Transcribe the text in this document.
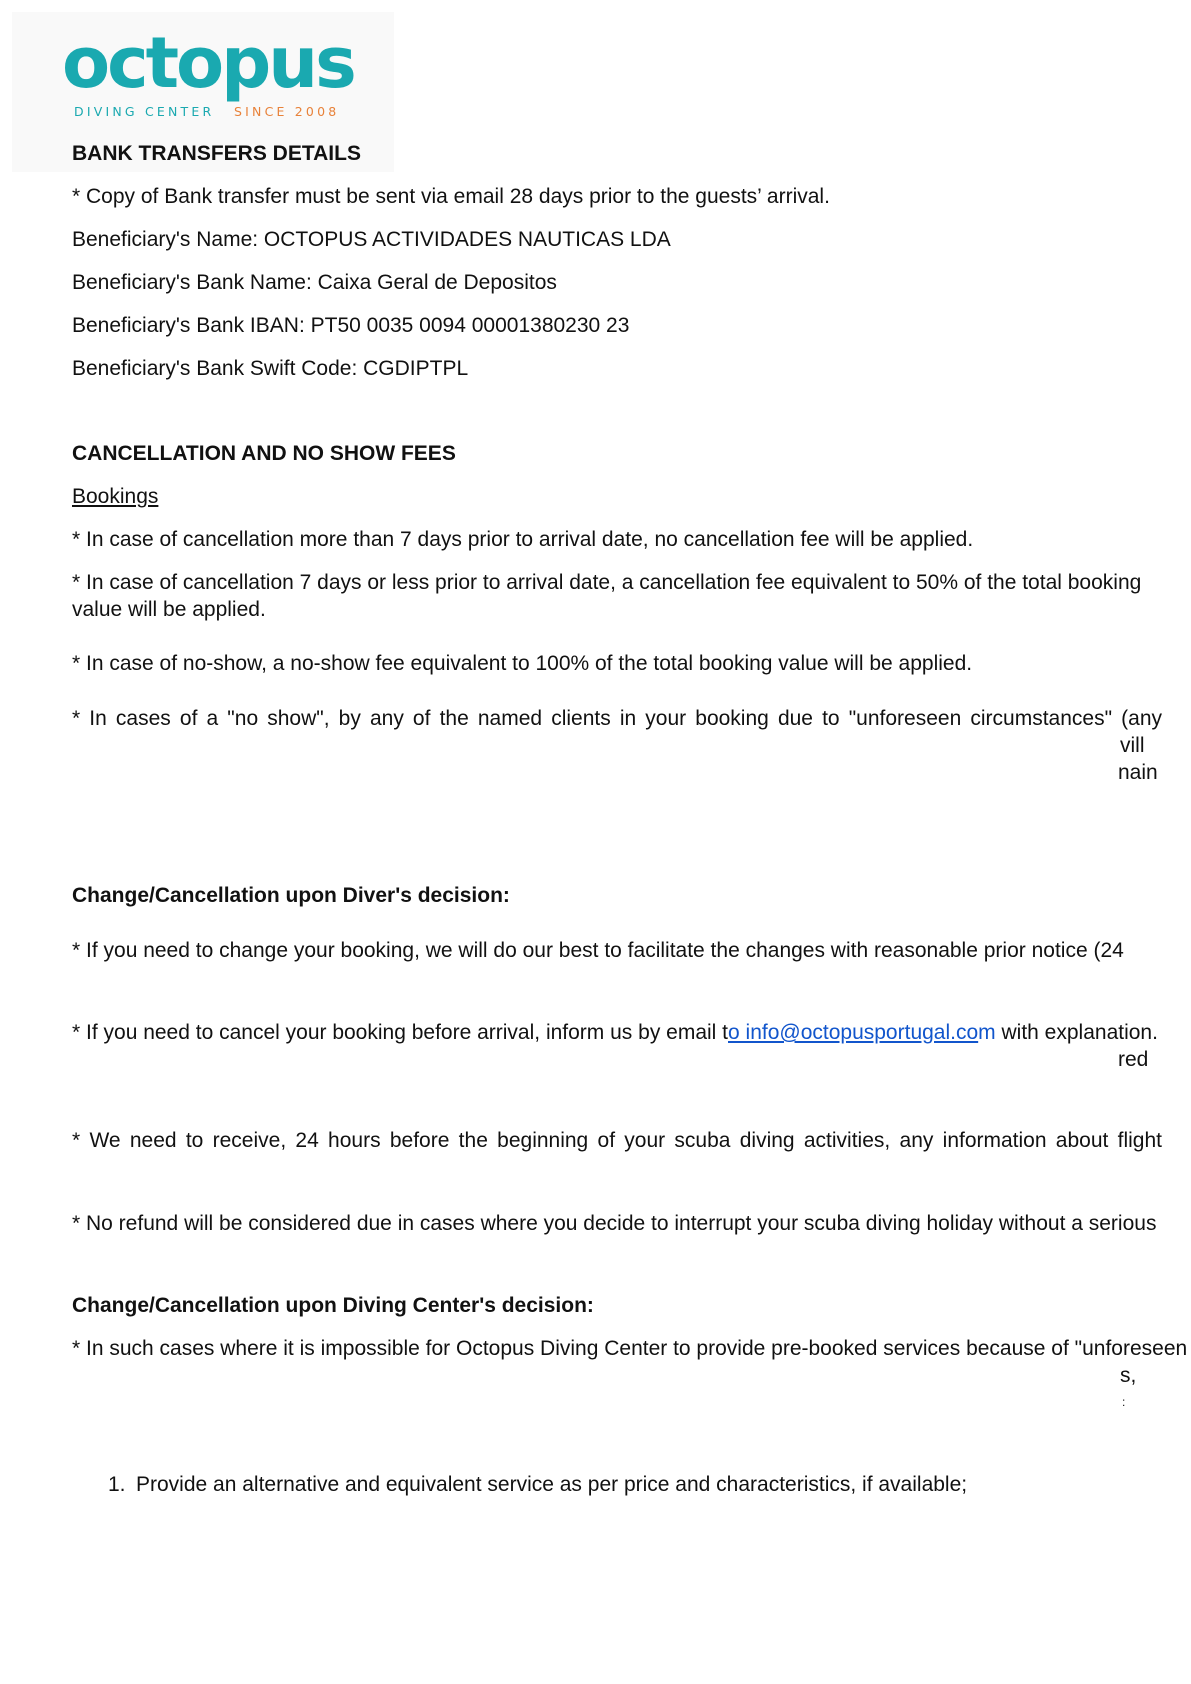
octopus
DIVING CENTER SINCE 2008
BANK TRANSFERS DETAILS
* Copy of Bank transfer must be sent via email 28 days prior to the guests’ arrival.
Beneficiary's Name: OCTOPUS ACTIVIDADES NAUTICAS LDA
Beneficiary's Bank Name: Caixa Geral de Depositos
Beneficiary's Bank IBAN: PT50 0035 0094 00001380230 23
Beneficiary's Bank Swift Code: CGDIPTPL
CANCELLATION AND NO SHOW FEES
Bookings
* In case of cancellation more than 7 days prior to arrival date, no cancellation fee will be applied.
* In case of cancellation 7 days or less prior to arrival date, a cancellation fee equivalent to 50% of the total booking value will be applied.
* In case of no-show, a no-show fee equivalent to 100% of the total booking value will be applied.
* In cases of a "no show", by any of the named clients in your booking due to "unforeseen circumstances" (any
vill
nain
Change/Cancellation upon Diver's decision:
* If you need to change your booking, we will do our best to facilitate the changes with reasonable prior notice (24
* If you need to cancel your booking before arrival, inform us by email to info@octopusportugal.com with explanation.
red
* We need to receive, 24 hours before the beginning of your scuba diving activities, any information about flight
* No refund will be considered due in cases where you decide to interrupt your scuba diving holiday without a serious
Change/Cancellation upon Diving Center's decision:
* In such cases where it is impossible for Octopus Diving Center to provide pre-booked services because of "unforeseen
s,
:
1. Provide an alternative and equivalent service as per price and characteristics, if available;
